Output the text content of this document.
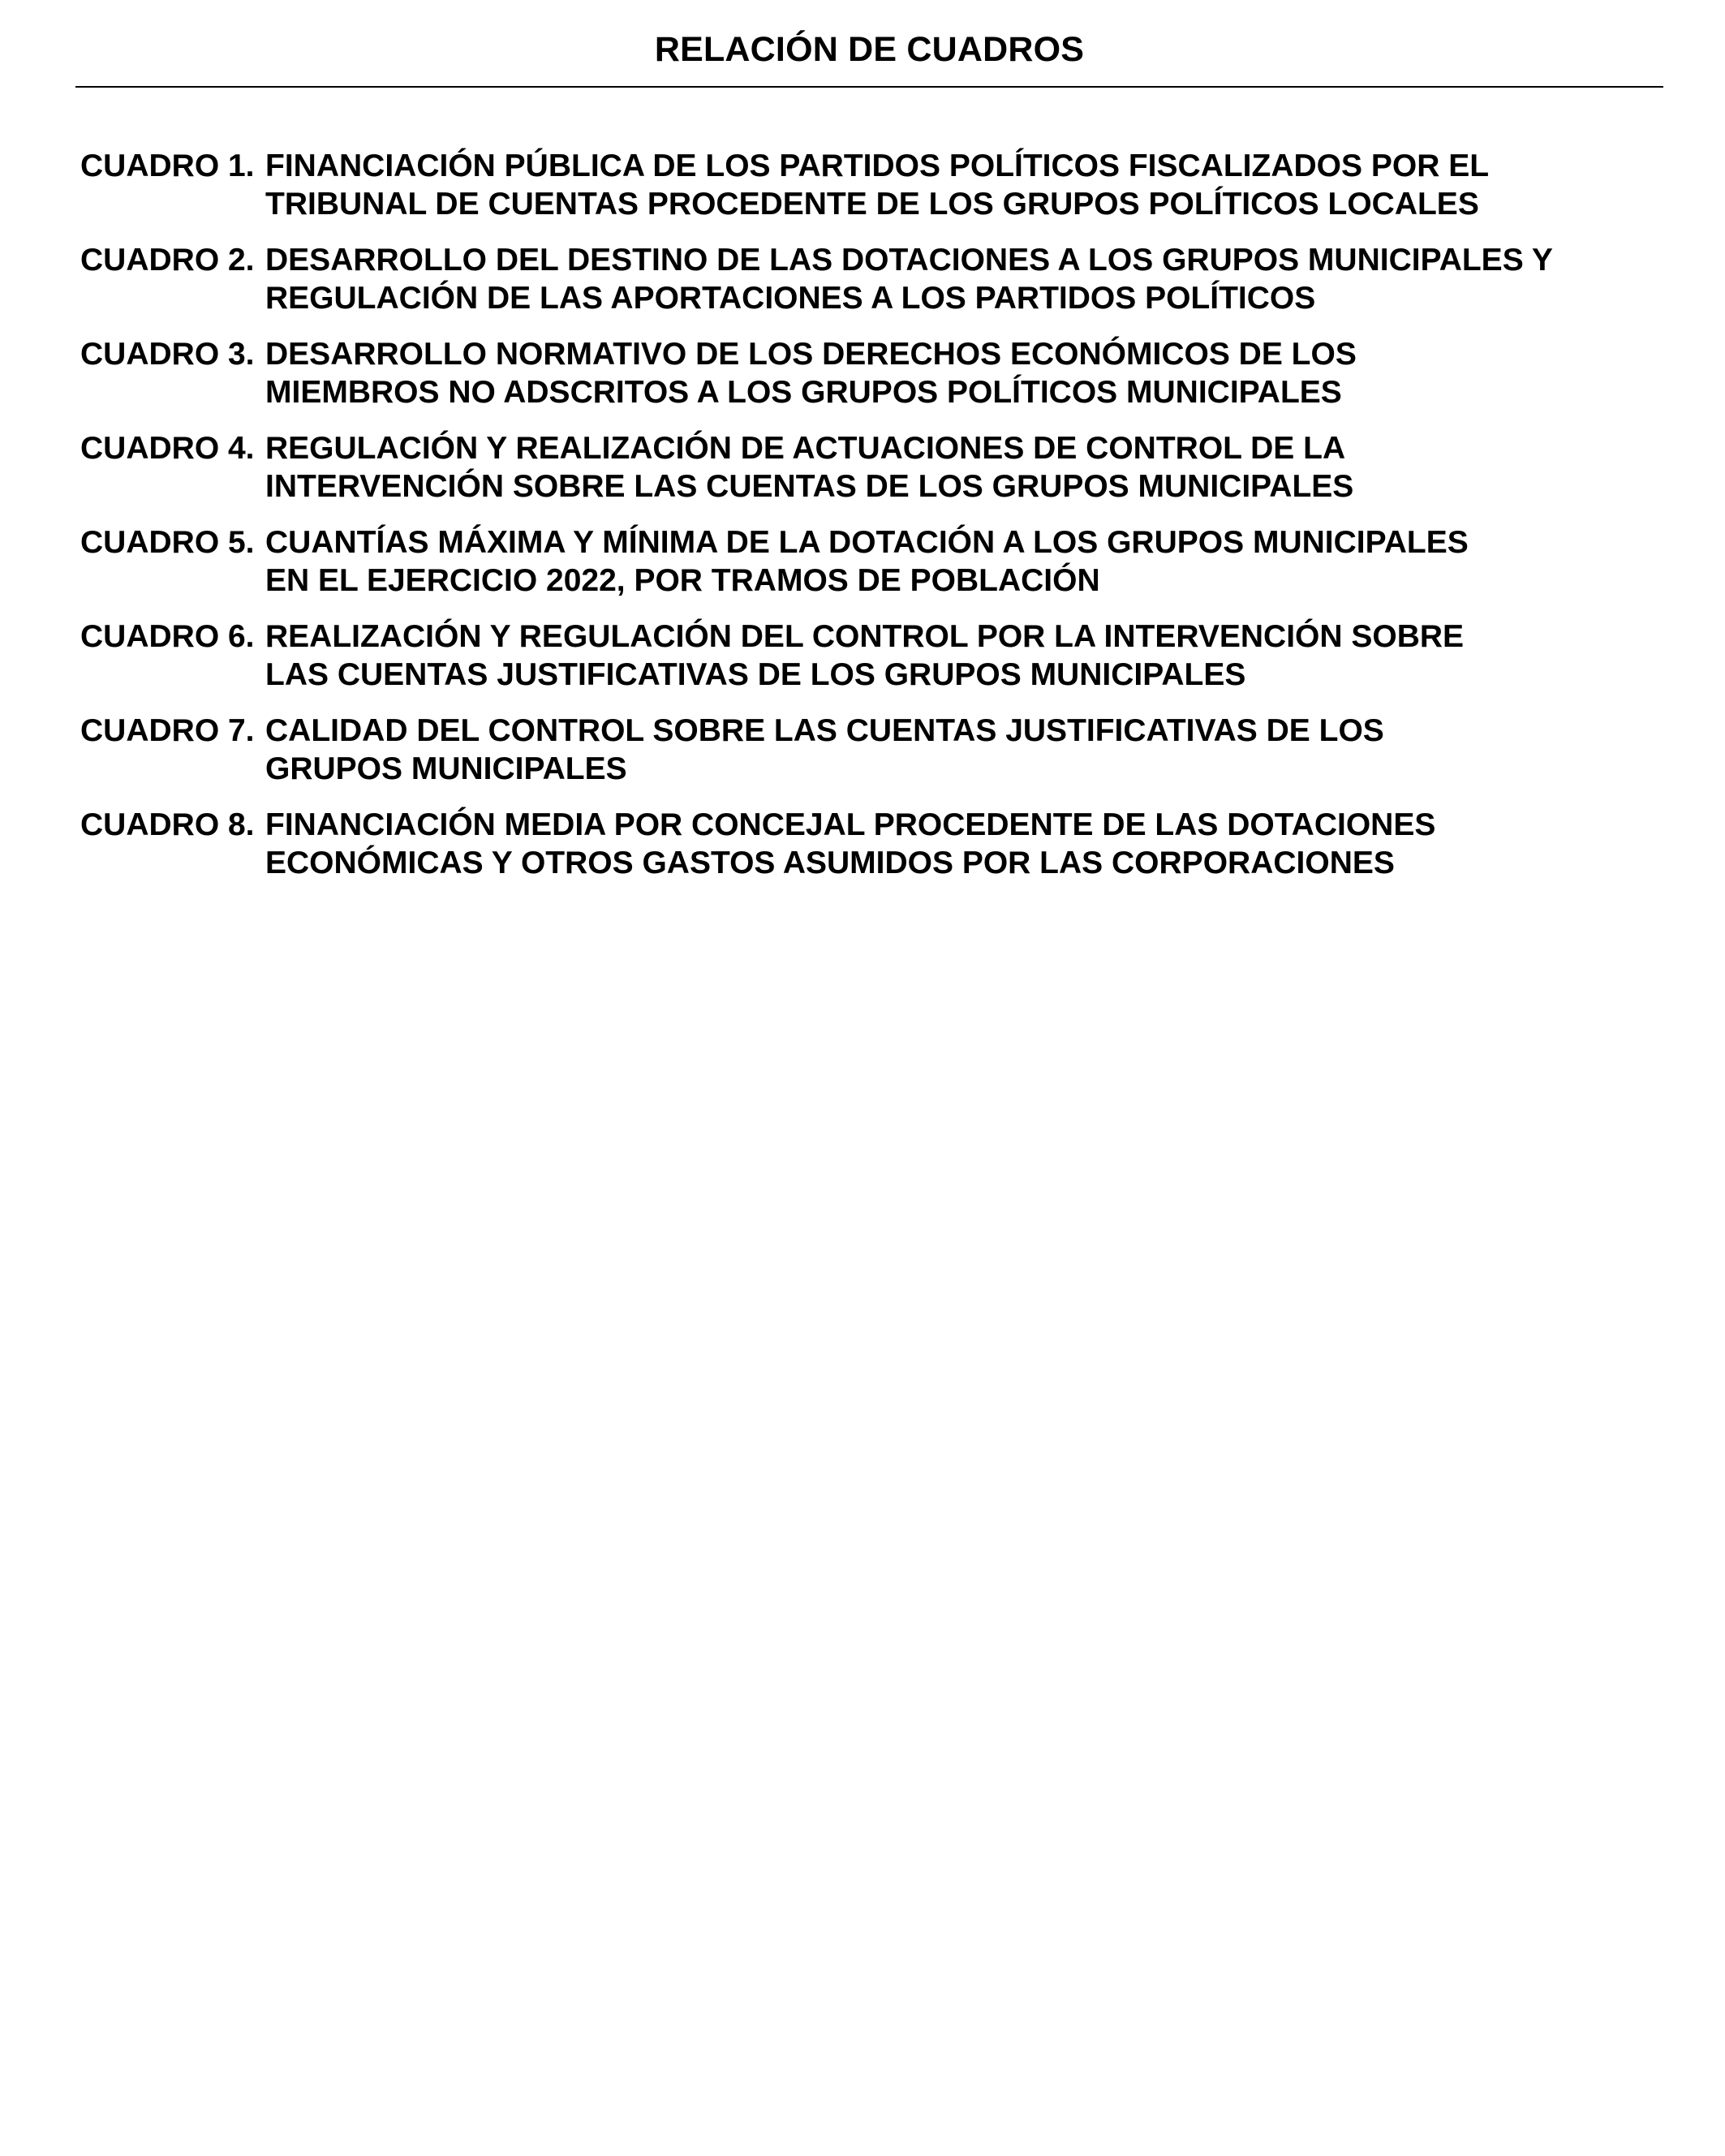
RELACIÓN DE CUADROS
CUADRO 1. FINANCIACIÓN PÚBLICA DE LOS PARTIDOS POLÍTICOS FISCALIZADOS POR EL
TRIBUNAL DE CUENTAS PROCEDENTE DE LOS GRUPOS POLÍTICOS LOCALES
CUADRO 2. DESARROLLO DEL DESTINO DE LAS DOTACIONES A LOS GRUPOS MUNICIPALES Y
REGULACIÓN DE LAS APORTACIONES A LOS PARTIDOS POLÍTICOS
CUADRO 3. DESARROLLO NORMATIVO DE LOS DERECHOS ECONÓMICOS DE LOS
MIEMBROS NO ADSCRITOS A LOS GRUPOS POLÍTICOS MUNICIPALES
CUADRO 4. REGULACIÓN Y REALIZACIÓN DE ACTUACIONES DE CONTROL DE LA
INTERVENCIÓN SOBRE LAS CUENTAS DE LOS GRUPOS MUNICIPALES
CUADRO 5. CUANTÍAS MÁXIMA Y MÍNIMA DE LA DOTACIÓN A LOS GRUPOS MUNICIPALES
EN EL EJERCICIO 2022, POR TRAMOS DE POBLACIÓN
CUADRO 6. REALIZACIÓN Y REGULACIÓN DEL CONTROL POR LA INTERVENCIÓN SOBRE
LAS CUENTAS JUSTIFICATIVAS DE LOS GRUPOS MUNICIPALES
CUADRO 7. CALIDAD DEL CONTROL SOBRE LAS CUENTAS JUSTIFICATIVAS DE LOS
GRUPOS MUNICIPALES
CUADRO 8. FINANCIACIÓN MEDIA POR CONCEJAL PROCEDENTE DE LAS DOTACIONES
ECONÓMICAS Y OTROS GASTOS ASUMIDOS POR LAS CORPORACIONES
